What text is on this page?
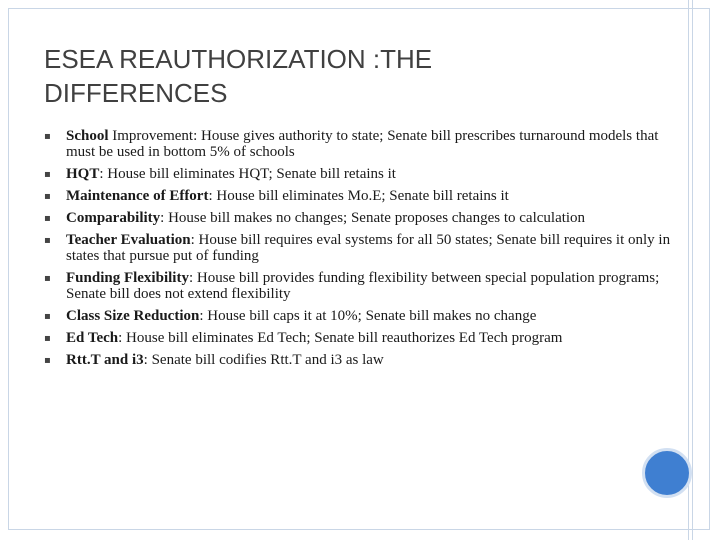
ESEA REAUTHORIZATION :THE
DIFFERENCES
▪ School Improvement: House gives authority to state; Senate bill prescribes turnaround models that must be used in bottom 5% of schools
▪ HQT: House bill eliminates HQT; Senate bill retains it
▪ Maintenance of Effort: House bill eliminates Mo.E; Senate bill retains it
▪ Comparability: House bill makes no changes; Senate proposes changes to calculation
▪ Teacher Evaluation: House bill requires eval systems for all 50 states; Senate bill requires it only in states that pursue put of funding
▪ Funding Flexibility: House bill provides funding flexibility between special population programs; Senate bill does not extend flexibility
▪ Class Size Reduction: House bill caps it at 10%; Senate bill makes no change
▪ Ed Tech: House bill eliminates Ed Tech; Senate bill reauthorizes Ed Tech program
▪ Rtt.T and i3: Senate bill codifies Rtt.T and i3 as law
